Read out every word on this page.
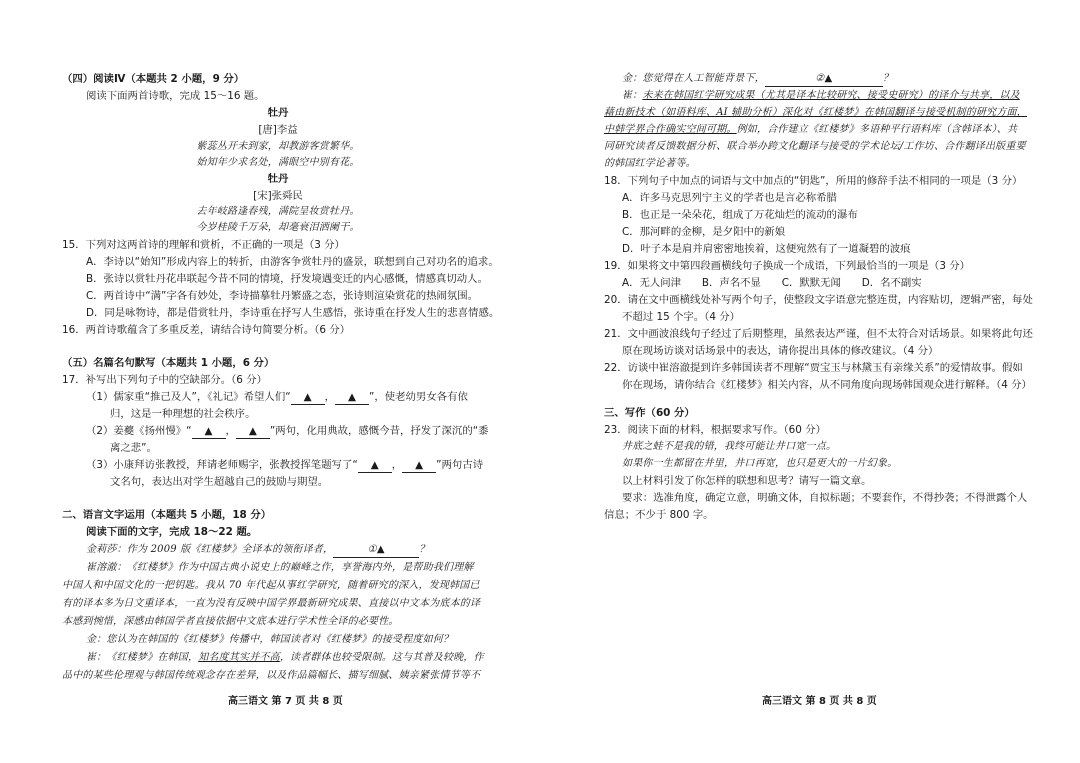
（四）阅读Ⅳ（本题共 2 小题，9 分）
阅读下面两首诗歌，完成 15～16 题。
牡丹
[唐]李益
紫蕊丛开未到家，却教游客赏繁华。
始知年少求名处，满眼空中别有花。
牡丹
[宋]张舜民
去年岐路逢春残，满院呈妆赏牡丹。
今岁桂陵千万朵，却毫衰泪洒阑干。
15．下列对这两首诗的理解和赏析，不正确的一项是（3 分）
A．李诗以“始知”形成内容上的转折，由游客争赏牡丹的盛景，联想到自己对功名的追求。
B．张诗以赏牡丹花串联起今昔不同的情境，抒发境遇变迁的内心感慨，情感真切动人。
C．两首诗中“满”字各有妙处，李诗描摹牡丹繁盛之态，张诗则渲染赏花的热闹氛围。
D．同是咏物诗，都是借赏牡丹，李诗重在抒写人生感悟，张诗重在抒发人生的悲喜情感。
16．两首诗歌蕴含了多重反差，请结合诗句简要分析。（6 分）
（五）名篇名句默写（本题共 1 小题，6 分）
17．补写出下列句子中的空缺部分。（6 分）
（1）儒家重“推己及人”，《礼记》希望人们“ ▲ ， ▲ ”，使老幼男女各有依
归，这是一种理想的社会秩序。
（2）姜夔《扬州慢》“ ▲ ， ▲ ”两句，化用典故，感慨今昔，抒发了深沉的“黍
离之悲”。
（3）小康拜访张教授，拜请老师赐字，张教授挥笔题写了“ ▲ ， ▲ ”两句古诗
文名句，表达出对学生超越自己的鼓励与期望。
二、语言文字运用（本题共 5 小题，18 分）
阅读下面的文字，完成 18～22 题。
金莉莎：作为 2009 版《红楼梦》全译本的领衔译者，	①▲	？
崔溶澈：《红楼梦》作为中国古典小说史上的巅峰之作，享誉海内外，是帮助我们理解
中国人和中国文化的一把钥匙。我从 70 年代起从事红学研究，随着研究的深入，发现韩国已
有的译本多为日文重译本，一直为没有反映中国学界最新研究成果、直接以中文本为底本的译
本感到惋惜，深感由韩国学者直接依据中文底本进行学术性全译的必要性。
金：您认为在韩国的《红楼梦》传播中，韩国读者对《红楼梦》的接受程度如何？
崔：《红楼梦》在韩国，知名度其实并不高，读者群体也较受限制。这与其普及较晚，作
品中的某些伦理观与韩国传统观念存在差异，以及作品篇幅长、描写细腻、姨亲紧张情节等不
高三语文 第 7 页 共 8 页
金：您觉得在人工智能背景下，	②▲	？
崔：未来在韩国红学研究成果（尤其是译本比较研究、接受史研究）的译介与共享，以及
藉由新技术（如语料库、AI 辅助分析）深化对《红楼梦》在韩国翻译与接受机制的研究方面，
中韩学界合作确实空间可期。例如，合作建立《红楼梦》多语种平行语料库（含韩译本）、共
同研究读者反馈数据分析、联合举办跨文化翻译与接受的学术论坛/工作坊、合作翻译出版重要
的韩国红学论著等。
18．下列句子中加点的词语与文中加点的“钥匙”，所用的修辞手法不相同的一项是（3 分）
A．许多马克思列宁主义的学者也是言必称希腊
B．也正是一朵朵花，组成了万花灿烂的流动的瀑布
C．那河畔的金柳，是夕阳中的新娘
D．叶子本是肩并肩密密地挨着，这便宛然有了一道凝碧的波痕
19．如果将文中第四段画横线句子换成一个成语，下列最恰当的一项是（3 分）
A．无人问津　　B．声名不显　　C．默默无闻　　D．名不副实
20．请在文中画横线处补写两个句子，使整段文字语意完整连贯，内容贴切，逻辑严密，每处
不超过 15 个字。（4 分）
21．文中画波浪线句子经过了后期整理，虽然表达严谨，但不太符合对话场景。如果将此句还
原在现场访谈对话场景中的表达，请你提出具体的修改建议。（4 分）
22．访谈中崔溶澈提到许多韩国读者不理解“贾宝玉与林黛玉有亲缘关系”的爱情故事。假如
你在现场，请你结合《红楼梦》相关内容，从不同角度向现场韩国观众进行解释。（4 分）
三、写作（60 分）
23．阅读下面的材料，根据要求写作。（60 分）
井底之蛙不是我的错，我终可能让井口宽一点。
如果你一生都留在井里，井口再宽，也只是更大的一片幻象。
以上材料引发了你怎样的联想和思考？请写一篇文章。
要求：选准角度，确定立意，明确文体，自拟标题；不要套作，不得抄袭；不得泄露个人
信息；不少于 800 字。
高三语文 第 8 页 共 8 页
